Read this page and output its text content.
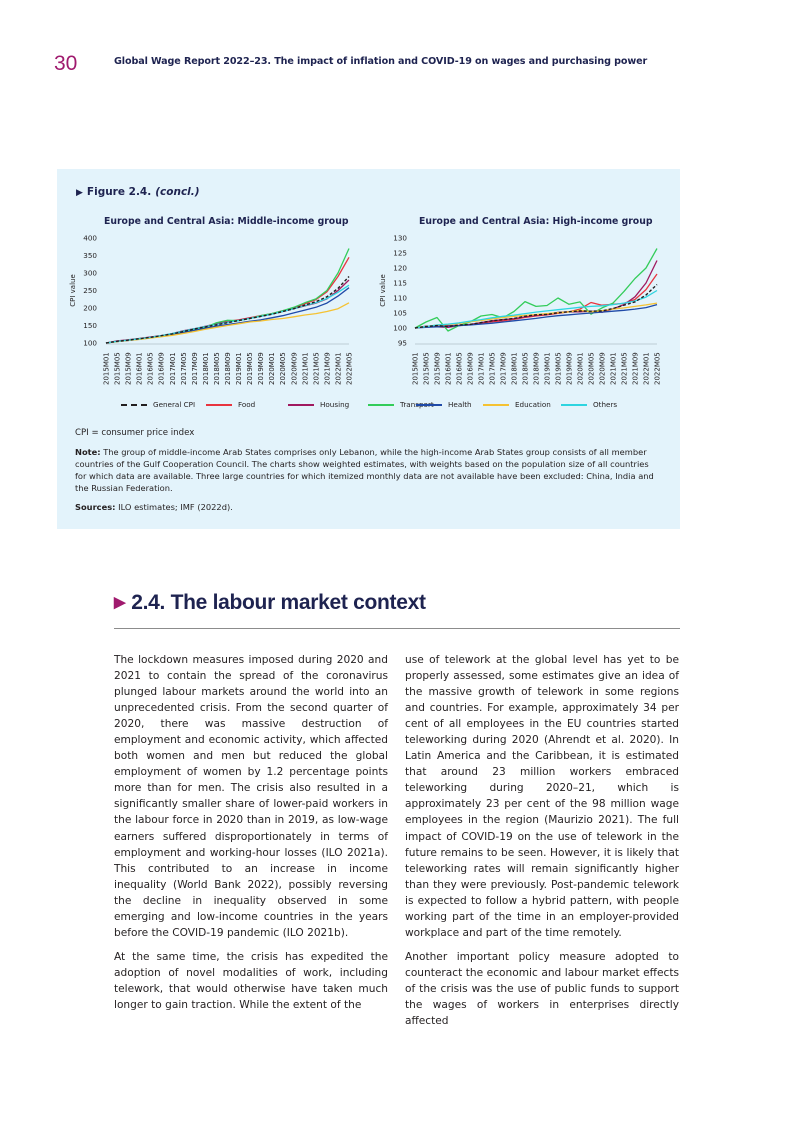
30	Global Wage Report 2022–23. The impact of inflation and COVID-19 on wages and purchasing power
▶ Figure 2.4. (concl.)
Europe and Central Asia: Middle-income group	Europe and Central Asia: High-income group
CPI value
400
350
300
250
200
150
100
2015M01 2015M05 2015M09 2016M01 2016M05 2016M09 2017M01 2017M05 2017M09 2018M01 2018M05 2018M09 2019M01 2019M05 2019M09 2020M01 2020M05 2020M09 2021M01 2021M05 2021M09 2022M01 2022M05
CPI value
130
125
120
115
110
105
100
95
2015M01 2015M05 2015M09 2016M01 2016M05 2016M09 2017M01 2017M05 2017M09 2018M01 2018M05 2018M09 2019M01 2019M05 2019M09 2020M01 2020M05 2020M09 2021M01 2021M05 2021M09 2022M01 2022M05
General CPI	Food	Housing	Transport Health	Education	Others
CPI = consumer price index
Note: The group of middle-income Arab States comprises only Lebanon, while the high-income Arab States group consists of all member countries of the Gulf Cooperation Council. The charts show weighted estimates, with weights based on the population size of all countries for which data are available. Three large countries for which itemized monthly data are not available have been excluded: China, India and the Russian Federation.
Sources: ILO estimates; IMF (2022d).
▶ 2.4. The labour market context

The lockdown measures imposed during 2020 and 2021 to contain the spread of the coronavirus plunged labour markets around the world into an unprecedented crisis. From the second quarter of 2020, there was massive destruction of employment and economic activity, which affected both women and men but reduced the global employment of women by 1.2 percentage points more than for men. The crisis also resulted in a significantly smaller share of lower-paid workers in the labour force in 2020 than in 2019, as low-wage earners suffered disproportionately in terms of employment and working-hour losses (ILO 2021a). This contributed to an increase in income inequality (World Bank 2022), possibly reversing the decline in inequality observed in some emerging and low-income countries in the years before the COVID-19 pandemic (ILO 2021b).

At the same time, the crisis has expedited the adoption of novel modalities of work, including telework, that would otherwise have taken much longer to gain traction. While the extent of the

use of telework at the global level has yet to be properly assessed, some estimates give an idea of the massive growth of telework in some regions and countries. For example, approximately 34 per cent of all employees in the EU countries started teleworking during 2020 (Ahrendt et al. 2020). In Latin America and the Caribbean, it is estimated that around 23 million workers embraced teleworking during 2020–21, which is approximately 23 per cent of the 98 million wage employees in the region (Maurizio 2021). The full impact of COVID-19 on the use of telework in the future remains to be seen. However, it is likely that teleworking rates will remain significantly higher than they were previously. Post-pandemic telework is expected to follow a hybrid pattern, with people working part of the time in an employer-provided workplace and part of the time remotely.

Another important policy measure adopted to counteract the economic and labour market effects of the crisis was the use of public funds to support the wages of workers in enterprises directly affected
